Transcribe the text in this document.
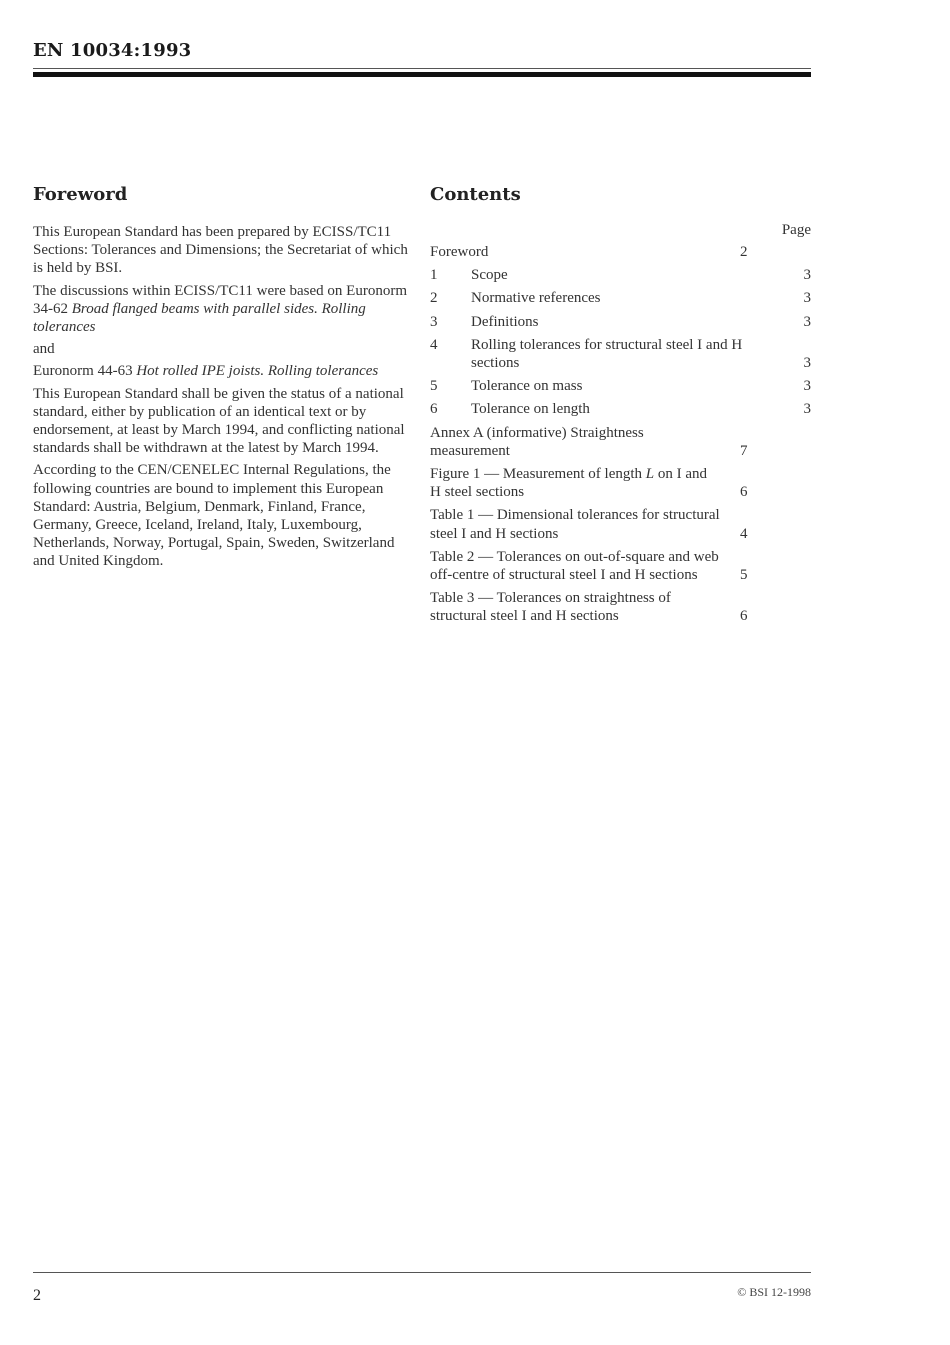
EN 10034:1993
Foreword

This European Standard has been prepared by ECISS/TC11 Sections: Tolerances and Dimensions; the Secretariat of which is held by BSI.

The discussions within ECISS/TC11 were based on Euronorm 34-62 Broad flanged beams with parallel sides. Rolling tolerances

and

Euronorm 44-63 Hot rolled IPE joists. Rolling tolerances

This European Standard shall be given the status of a national standard, either by publication of an identical text or by endorsement, at least by March 1994, and conflicting national standards shall be withdrawn at the latest by March 1994.

According to the CEN/CENELEC Internal Regulations, the following countries are bound to implement this European Standard: Austria, Belgium, Denmark, Finland, France, Germany, Greece, Iceland, Ireland, Italy, Luxembourg, Netherlands, Norway, Portugal, Spain, Sweden, Switzerland and United Kingdom.

Contents
Page
Foreword	2
1	Scope	3
2	Normative references	3
3	Definitions	3
4	Rolling tolerances for structural steel I and H sections	3
5	Tolerance on mass	3
6	Tolerance on length	3
Annex A (informative) Straightness measurement	7
Figure 1 — Measurement of length L on I and H steel sections	6
Table 1 — Dimensional tolerances for structural steel I and H sections	4
Table 2 — Tolerances on out-of-square and web off-centre of structural steel I and H sections	5
Table 3 — Tolerances on straightness of structural steel I and H sections	6
2	© BSI 12-1998
